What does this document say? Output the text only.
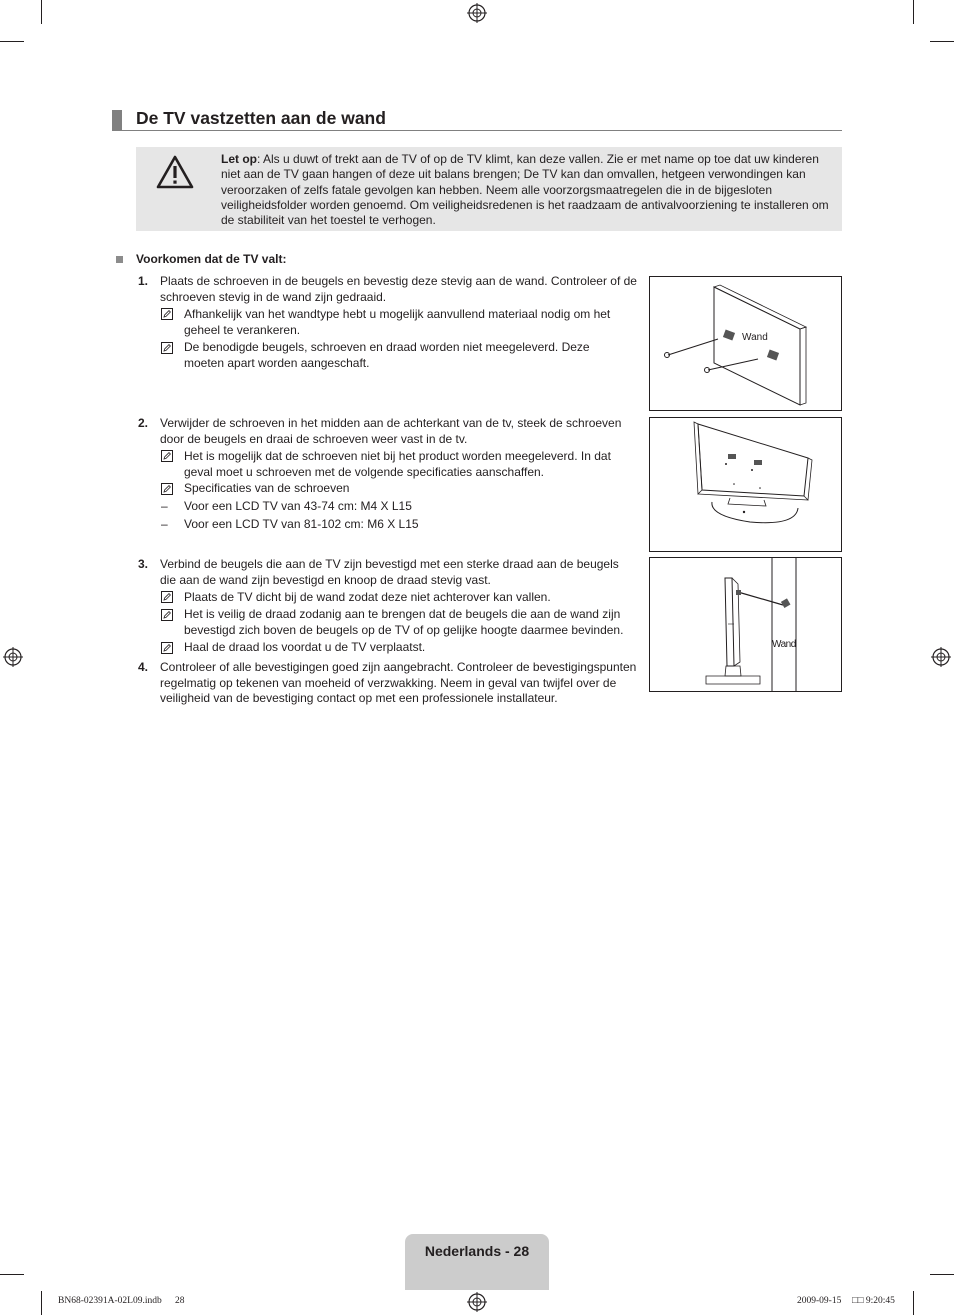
De TV vastzetten aan de wand
Let op: Als u duwt of trekt aan de TV of op de TV klimt, kan deze vallen. Zie er met name op toe dat uw kinderen niet aan de TV gaan hangen of deze uit balans brengen; De TV kan dan omvallen, hetgeen verwondingen kan veroorzaken of zelfs fatale gevolgen kan hebben. Neem alle voorzorgsmaatregelen die in de bijgesloten veiligheidsfolder worden genoemd. Om veiligheidsredenen is het raadzaam de antivalvoorziening te installeren om de stabiliteit van het toestel te verhogen.
Voorkomen dat de TV valt:
1. Plaats de schroeven in de beugels en bevestig deze stevig aan de wand. Controleer of de schroeven stevig in de wand zijn gedraaid.
Afhankelijk van het wandtype hebt u mogelijk aanvullend materiaal nodig om het geheel te verankeren.
De benodigde beugels, schroeven en draad worden niet meegeleverd. Deze moeten apart worden aangeschaft.
Wand
2. Verwijder de schroeven in het midden aan de achterkant van de tv, steek de schroeven door de beugels en draai de schroeven weer vast in de tv.
Het is mogelijk dat de schroeven niet bij het product worden meegeleverd. In dat geval moet u schroeven met de volgende specificaties aanschaffen.
Specificaties van de schroeven
– Voor een LCD TV van 43-74 cm: M4 X L15
– Voor een LCD TV van 81-102 cm: M6 X L15
3. Verbind de beugels die aan de TV zijn bevestigd met een sterke draad aan de beugels die aan de wand zijn bevestigd en knoop de draad stevig vast.
Plaats de TV dicht bij de wand zodat deze niet achterover kan vallen.
Het is veilig de draad zodanig aan te brengen dat de beugels die aan de wand zijn bevestigd zich boven de beugels op de TV of op gelijke hoogte daarmee bevinden.
Haal de draad los voordat u de TV verplaatst.	Wand
4. Controleer of alle bevestigingen goed zijn aangebracht. Controleer de bevestigingspunten regelmatig op tekenen van moeheid of verzwakking. Neem in geval van twijfel over de veiligheid van de bevestiging contact op met een professionele installateur.
Nederlands - 28
BN68-02391A-02L09.indb 28	2009-09-15 □□ 9:20:45
